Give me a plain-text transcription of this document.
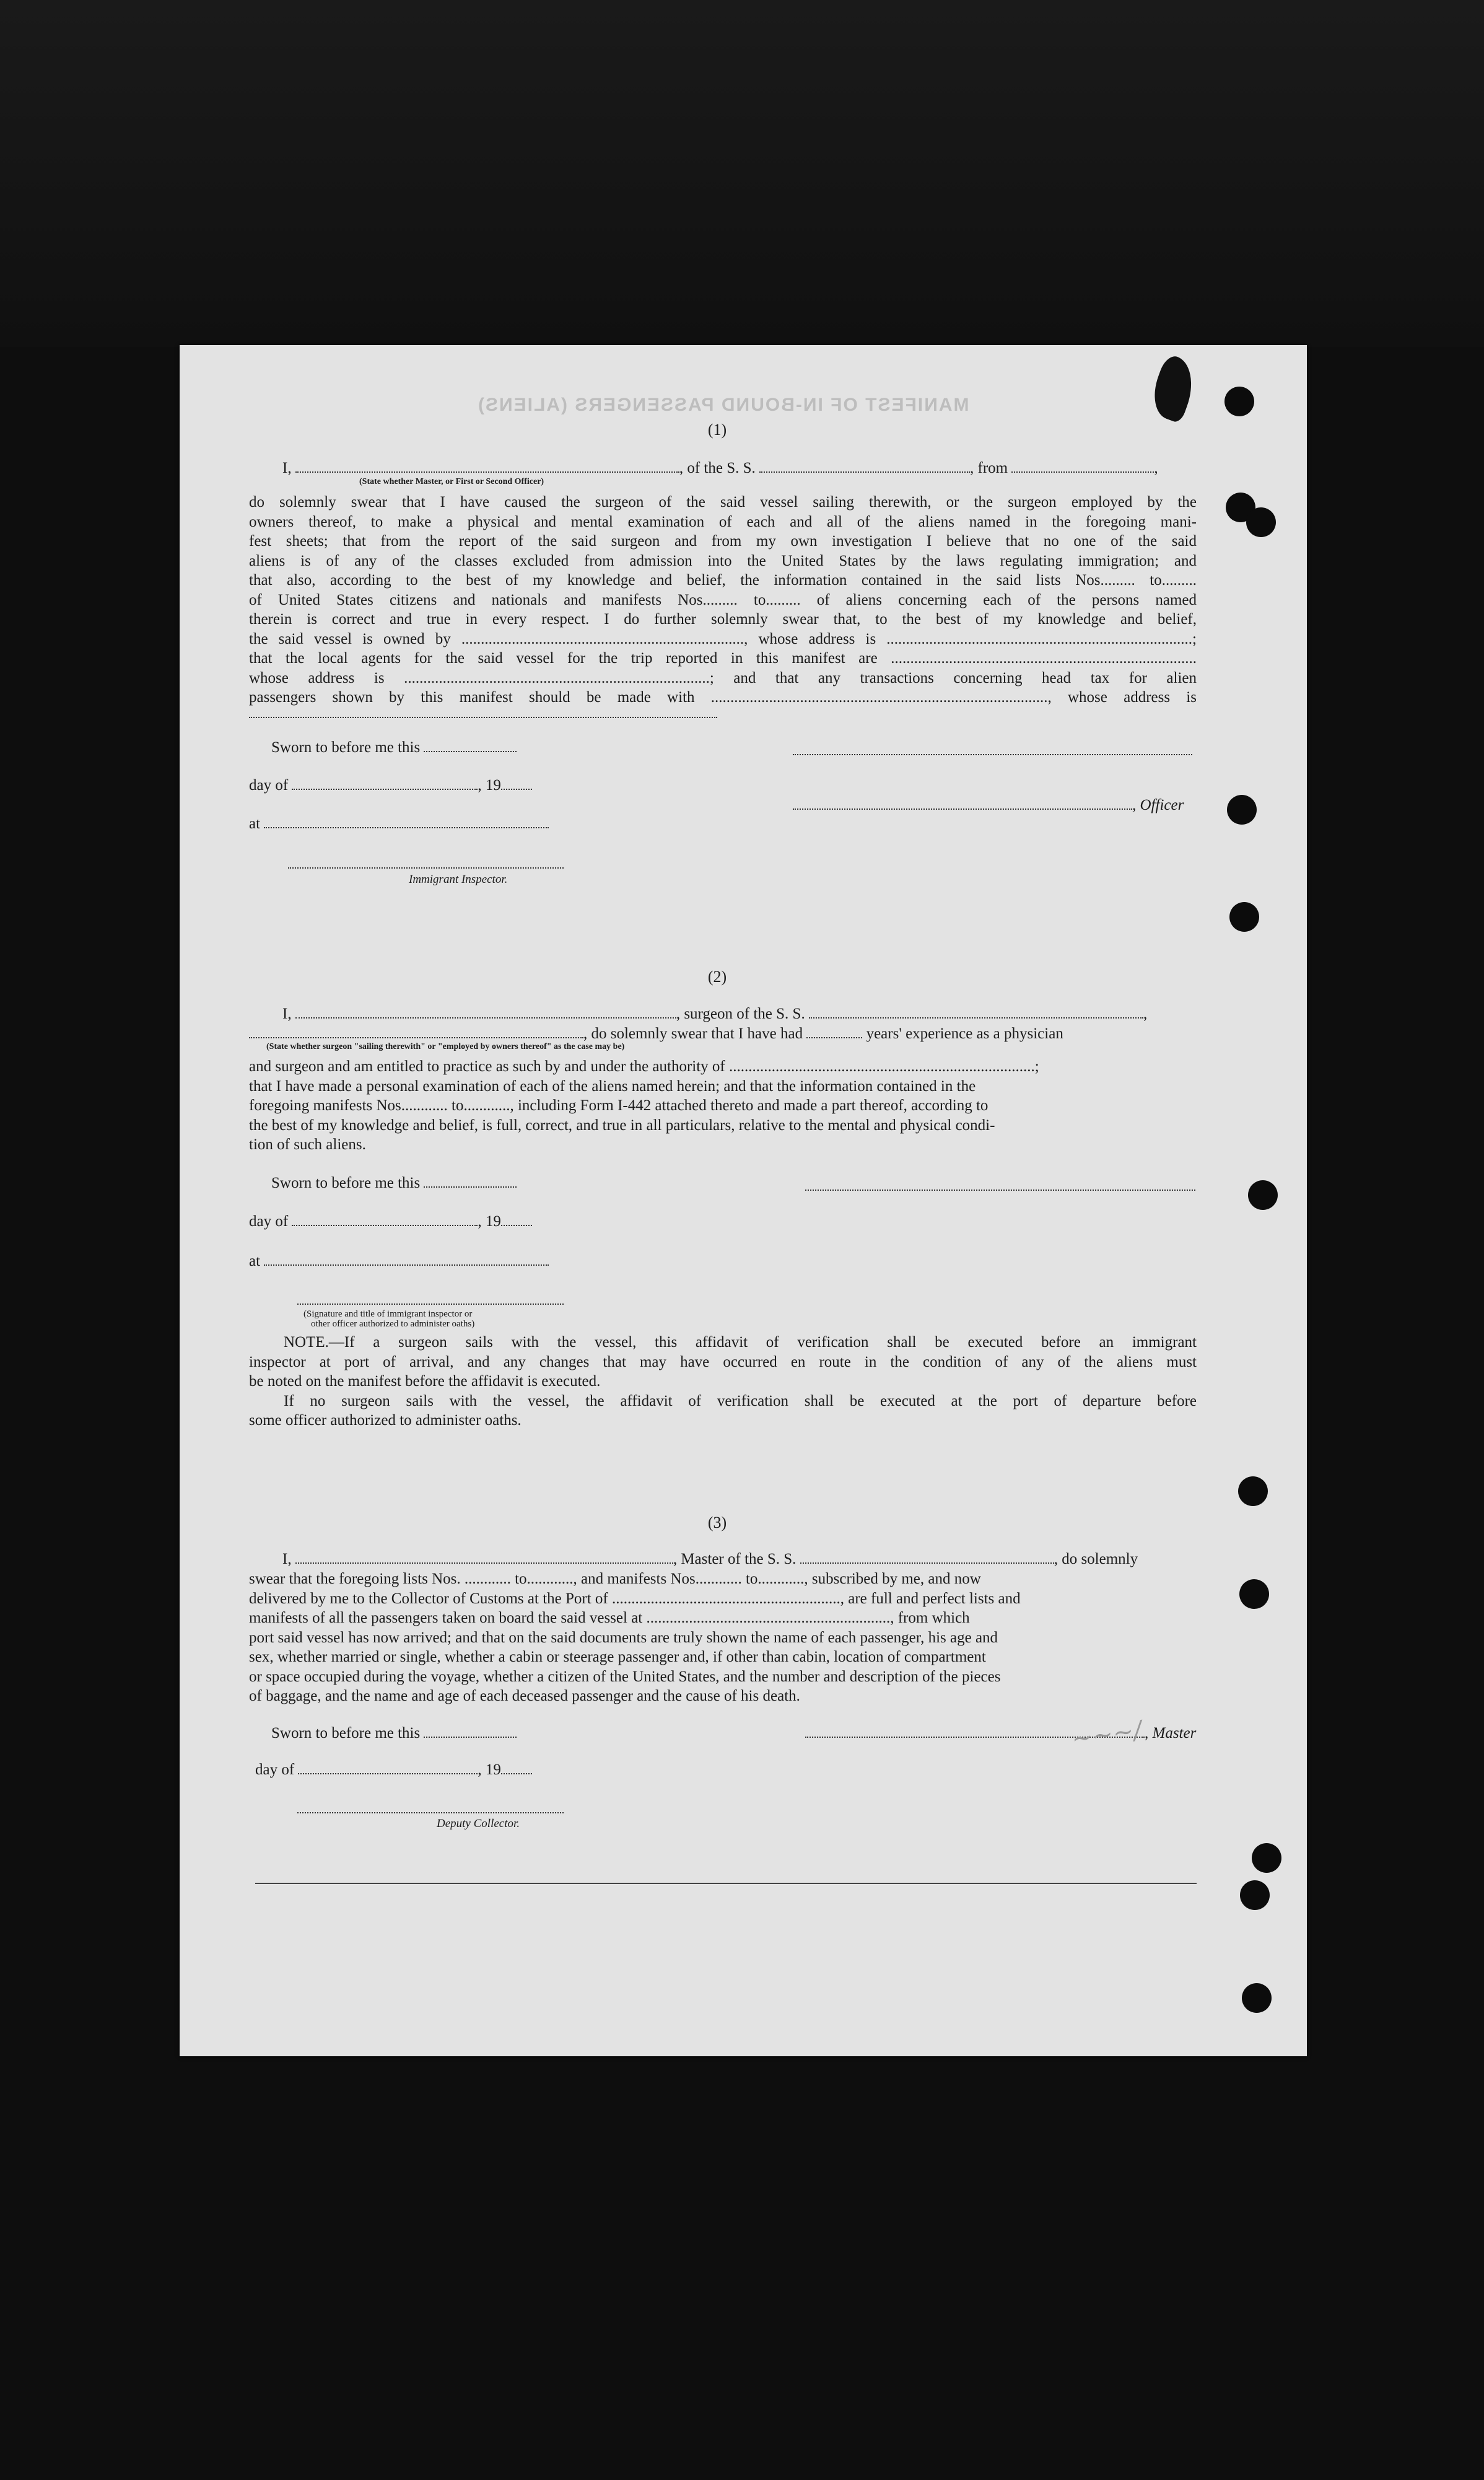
MANIFEST OF IN-BOUND PASSENGERS (ALIENS)
(1)
I,	, of the S. S.	, from	,
(State whether Master, or First or Second Officer)
do solemnly swear that I have caused the surgeon of the said vessel sailing therewith, or the surgeon employed by the
owners thereof, to make a physical and mental examination of each and all of the aliens named in the foregoing mani-
fest sheets; that from the report of the said surgeon and from my own investigation I believe that no one of the said
aliens is of any of the classes excluded from admission into the United States by the laws regulating immigration; and
that also, according to the best of my knowledge and belief, the information contained in the said lists Nos......... to.........
of United States citizens and nationals and manifests Nos......... to......... of aliens concerning each of the persons named
therein is correct and true in every respect. I do further solemnly swear that, to the best of my knowledge and belief,
the said vessel is owned by ........................................................................., whose address is ...............................................................................;
that the local agents for the said vessel for the trip reported in this manifest are ...............................................................................
whose address is ...............................................................................; and that any transactions concerning head tax for alien
passengers shown by this manifest should be made with ......................................................................................., whose address is
Sworn to before me this
day of	, 19
, Officer
at
Immigrant Inspector.
(2)
I,	, surgeon of the S. S.	,
, do solemnly swear that I have had	years' experience as a physician
(State whether surgeon "sailing therewith" or "employed by owners thereof" as the case may be)
and surgeon and am entitled to practice as such by and under the authority of ...............................................................................;
that I have made a personal examination of each of the aliens named herein; and that the information contained in the
foregoing manifests Nos............ to............, including Form I-442 attached thereto and made a part thereof, according to
the best of my knowledge and belief, is full, correct, and true in all particulars, relative to the mental and physical condi-
tion of such aliens.
Sworn to before me this
day of	, 19
at
(Signature and title of immigrant inspector or
other officer authorized to administer oaths)
NOTE.—If a surgeon sails with the vessel, this affidavit of verification shall be executed before an immigrant
inspector at port of arrival, and any changes that may have occurred en route in the condition of any of the aliens must
be noted on the manifest before the affidavit is executed.
If no surgeon sails with the vessel, the affidavit of verification shall be executed at the port of departure before
some officer authorized to administer oaths.
(3)
I,	, Master of the S. S.	, do solemnly
swear that the foregoing lists Nos. ............ to............, and manifests Nos............ to............, subscribed by me, and now
delivered by me to the Collector of Customs at the Port of ..........................................................., are full and perfect lists and
manifests of all the passengers taken on board the said vessel at ..............................................................., from which
port said vessel has now arrived; and that on the said documents are truly shown the name of each passenger, his age and
sex, whether married or single, whether a cabin or steerage passenger and, if other than cabin, location of compartment
or space occupied during the voyage, whether a citizen of the United States, and the number and description of the pieces
of baggage, and the name and age of each deceased passenger and the cause of his death.
Sworn to before me this	, Master
day of	, 19
Deputy Collector.
~~~/
